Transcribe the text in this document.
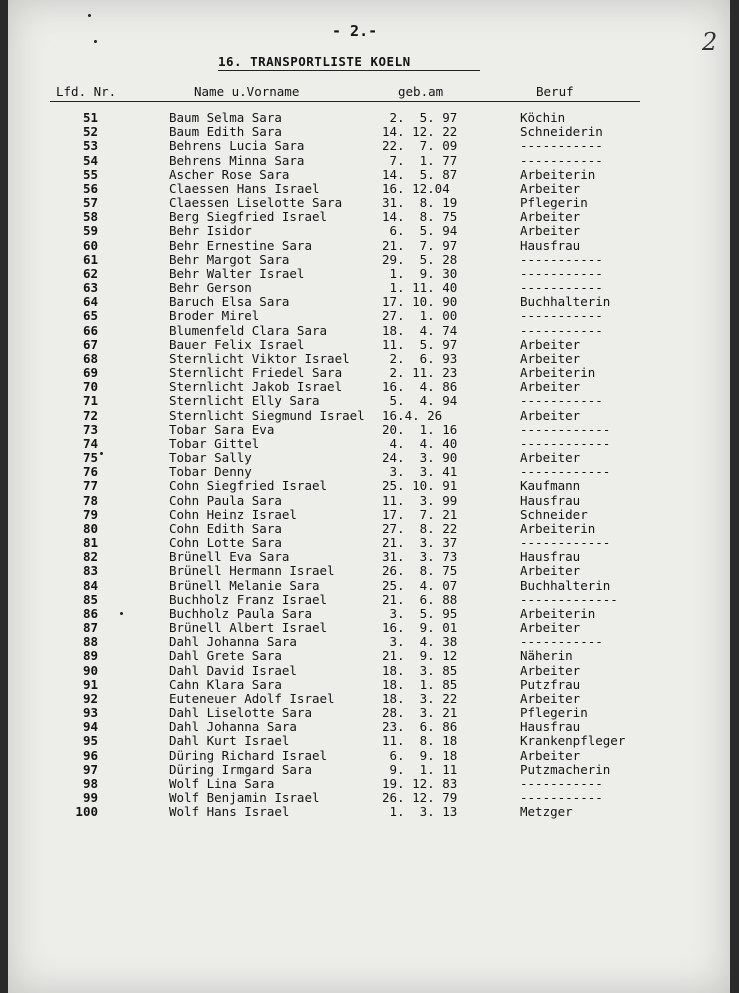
- 2.-	2
16. TRANSPORTLISTE KOELN
Lfd. Nr.	Name u.Vorname	geb.am	Beruf
51	Baum Selma Sara	2.  5. 97	Köchin
52	Baum Edith Sara	14. 12. 22	Schneiderin
53	Behrens Lucia Sara	22.  7. 09	-----------
54	Behrens Minna Sara	7.  1. 77	-----------
55	Ascher Rose Sara	14.  5. 87	Arbeiterin
56	Claessen Hans Israel	16. 12.04	Arbeiter
57	Claessen Liselotte Sara	31.  8. 19	Pflegerin
58	Berg Siegfried Israel	14.  8. 75	Arbeiter
59	Behr Isidor	6.  5. 94	Arbeiter
60	Behr Ernestine Sara	21.  7. 97	Hausfrau
61	Behr Margot Sara	29.  5. 28	-----------
62	Behr Walter Israel	1.  9. 30	-----------
63	Behr Gerson	1. 11. 40	-----------
64	Baruch Elsa Sara	17. 10. 90	Buchhalterin
65	Broder Mirel	27.  1. 00	-----------
66	Blumenfeld Clara Sara	18.  4. 74	-----------
67	Bauer Felix Israel	11.  5. 97	Arbeiter
68	Sternlicht Viktor Israel	2.  6. 93	Arbeiter
69	Sternlicht Friedel Sara	2. 11. 23	Arbeiterin
70	Sternlicht Jakob Israel	16.  4. 86	Arbeiter
71	Sternlicht Elly Sara	5.  4. 94	-----------
72	Sternlicht Siegmund Israel 16.4. 26	Arbeiter
73	Tobar Sara Eva	20.  1. 16	------------
74	Tobar Gittel	4.  4. 40	------------
75	Tobar Sally	24.  3. 90	Arbeiter
76	Tobar Denny	3.  3. 41	------------
77	Cohn Siegfried Israel	25. 10. 91	Kaufmann
78	Cohn Paula Sara	11.  3. 99	Hausfrau
79	Cohn Heinz Israel	17.  7. 21	Schneider
80	Cohn Edith Sara	27.  8. 22	Arbeiterin
81	Cohn Lotte Sara	21.  3. 37	------------
82	Brünell Eva Sara	31.  3. 73	Hausfrau
83	Brünell Hermann Israel	26.  8. 75	Arbeiter
84	Brünell Melanie Sara	25.  4. 07	Buchhalterin
85	Buchholz Franz Israel	21.  6. 88	-------------
86	Buchholz Paula Sara	3.  5. 95	Arbeiterin
87	Brünell Albert Israel	16.  9. 01	Arbeiter
88	Dahl Johanna Sara	3.  4. 38	-----------
89	Dahl Grete Sara	21.  9. 12	Näherin
90	Dahl David Israel	18.  3. 85	Arbeiter
91	Cahn Klara Sara	18.  1. 85	Putzfrau
92	Euteneuer Adolf Israel	18.  3. 22	Arbeiter
93	Dahl Liselotte Sara	28.  3. 21	Pflegerin
94	Dahl Johanna Sara	23.  6. 86	Hausfrau
95	Dahl Kurt Israel	11.  8. 18	Krankenpfleger
96	Düring Richard Israel	6.  9. 18	Arbeiter
97	Düring Irmgard Sara	9.  1. 11	Putzmacherin
98	Wolf Lina Sara	19. 12. 83	-----------
99	Wolf Benjamin Israel	26. 12. 79	-----------
100	Wolf Hans Israel	1.  3. 13	Metzger
